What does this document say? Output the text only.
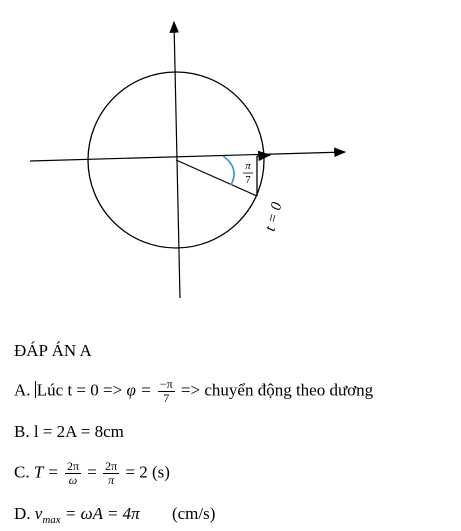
π
7
t = 0
ĐÁP ÁN A
A. Lúc $t = 0 => \varphi = \frac{-\pi}{7}$ => chuyển động theo dương
B. l = 2A = 8cm
C. $T = \frac{2\pi}{\omega} = \frac{2\pi}{\pi} = 2$ (s)
D. $v_{max} = \omega A = 4\pi$ (cm/s)
